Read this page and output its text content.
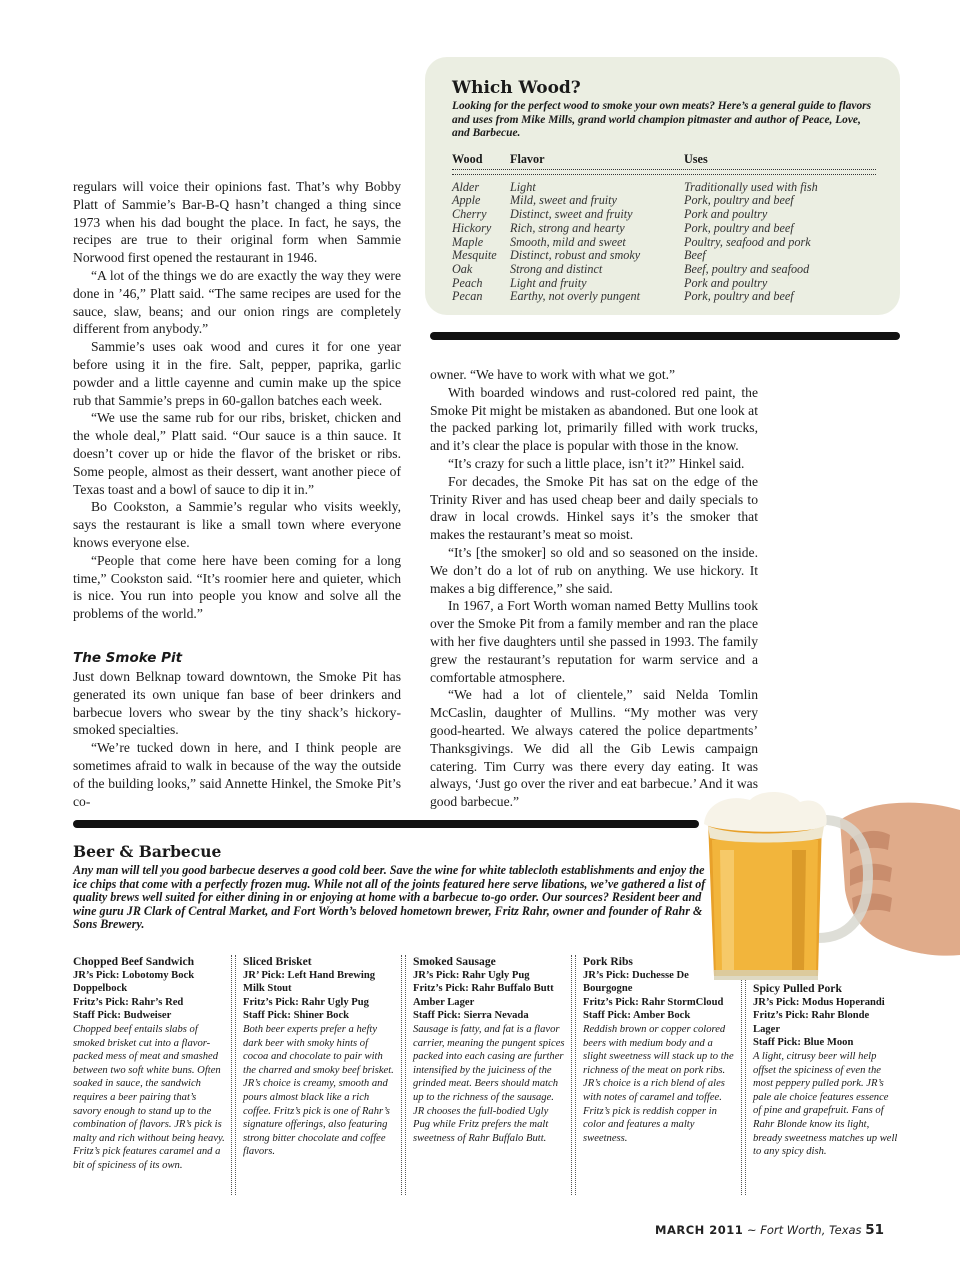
Which Wood?
Looking for the perfect wood to smoke your own meats? Here’s a general guide to flavors and uses from Mike Mills, grand world champion pitmaster and author of Peace, Love, and Barbecue.
Wood	Flavor	Uses
Alder	Light	Traditionally used with fish
Apple	Mild, sweet and fruity	Pork, poultry and beef
Cherry	Distinct, sweet and fruity	Pork and poultry
Hickory	Rich, strong and hearty	Pork, poultry and beef
Maple	Smooth, mild and sweet	Poultry, seafood and pork
Mesquite	Distinct, robust and smoky	Beef
Oak	Strong and distinct	Beef, poultry and seafood
Peach	Light and fruity	Pork and poultry
Pecan	Earthy, not overly pungent	Pork, poultry and beef

regulars will voice their opinions fast. That’s why Bobby Platt of Sammie’s Bar-B-Q hasn’t changed a thing since 1973 when his dad bought the place. In fact, he says, the recipes are true to their original form when Sammie Norwood first opened the restaurant in 1946.

“A lot of the things we do are exactly the way they were done in ’46,” Platt said. “The same recipes are used for the sauce, slaw, beans; and our onion rings are completely different from anybody.”

Sammie’s uses oak wood and cures it for one year before using it in the fire. Salt, pepper, paprika, garlic powder and a little cayenne and cumin make up the spice rub that Sammie’s preps in 60-gallon batches each week.

“We use the same rub for our ribs, brisket, chicken and the whole deal,” Platt said. “Our sauce is a thin sauce. It doesn’t cover up or hide the flavor of the brisket or ribs. Some people, almost as their dessert, want another piece of Texas toast and a bowl of sauce to dip it in.”

Bo Cookston, a Sammie’s regular who visits weekly, says the restaurant is like a small town where everyone knows everyone else.

“People that come here have been coming for a long time,” Cookston said. “It’s roomier here and quieter, which is nice. You run into people you know and solve all the problems of the world.”

The Smoke Pit

Just down Belknap toward downtown, the Smoke Pit has generated its own unique fan base of beer drinkers and barbecue lovers who swear by the tiny shack’s hickory-smoked specialties.

“We’re tucked down in here, and I think people are sometimes afraid to walk in because of the way the outside of the building looks,” said Annette Hinkel, the Smoke Pit’s co-

owner. “We have to work with what we got.”

With boarded windows and rust-colored red paint, the Smoke Pit might be mistaken as abandoned. But one look at the packed parking lot, primarily filled with work trucks, and it’s clear the place is popular with those in the know.

“It’s crazy for such a little place, isn’t it?” Hinkel said.

For decades, the Smoke Pit has sat on the edge of the Trinity River and has used cheap beer and daily specials to draw in local crowds. Hinkel says it’s the smoker that makes the restaurant’s meat so moist.

“It’s [the smoker] so old and so seasoned on the inside. We don’t do a lot of rub on anything. We use hickory. It makes a big difference,” she said.

In 1967, a Fort Worth woman named Betty Mullins took over the Smoke Pit from a family member and ran the place with her five daughters until she passed in 1993. The family grew the restaurant’s reputation for warm service and a comfortable atmosphere.

“We had a lot of clientele,” said Nelda Tomlin McCaslin, daughter of Mullins. “My mother was very good-hearted. We always catered the police departments’ Thanksgivings. We did all the Gib Lewis campaign catering. Tim Curry was there every day eating. It was always, ‘Just go over the river and eat barbecue.’ And it was good barbecue.”

Beer & Barbecue
Any man will tell you good barbecue deserves a good cold beer. Save the wine for white tablecloth establishments and enjoy the ice chips that come with a perfectly frozen mug. While not all of the joints featured here serve libations, we’ve gathered a list of quality brews well suited for either dining in or enjoying at home with a barbecue to-go order. Our sources? Resident beer and wine guru JR Clark of Central Market, and Fort Worth’s beloved hometown brewer, Fritz Rahr, owner and founder of Rahr & Sons Brewery.
Chopped Beef Sandwich
JR’s Pick: Lobotomy Bock Doppelbock
Fritz’s Pick: Rahr’s Red
Staff Pick: Budweiser
Chopped beef entails slabs of smoked brisket cut into a flavor-packed mess of meat and smashed between two soft white buns. Often soaked in sauce, the sandwich requires a beer pairing that’s savory enough to stand up to the combination of flavors. JR’s pick is malty and rich without being heavy. Fritz’s pick features caramel and a bit of spiciness of its own.
Sliced Brisket
JR’ Pick: Left Hand Brewing Milk Stout
Fritz’s Pick: Rahr Ugly Pug
Staff Pick: Shiner Bock
Both beer experts prefer a hefty dark beer with smoky hints of cocoa and chocolate to pair with the charred and smoky beef brisket. JR’s choice is creamy, smooth and pours almost black like a rich coffee. Fritz’s pick is one of Rahr’s signature offerings, also featuring strong bitter chocolate and coffee flavors.
Smoked Sausage
JR’s Pick: Rahr Ugly Pug
Fritz’s Pick: Rahr Buffalo Butt Amber Lager
Staff Pick: Sierra Nevada
Sausage is fatty, and fat is a flavor carrier, meaning the pungent spices packed into each casing are further intensified by the juiciness of the grinded meat. Beers should match up to the richness of the sausage. JR chooses the full-bodied Ugly Pug while Fritz prefers the malt sweetness of Rahr Buffalo Butt.
Pork Ribs
JR’s Pick: Duchesse De Bourgogne
Fritz’s Pick: Rahr StormCloud
Staff Pick: Amber Bock
Reddish brown or copper colored beers with medium body and a slight sweetness will stack up to the richness of the meat on pork ribs. JR’s choice is a rich blend of ales with notes of caramel and toffee. Fritz’s pick is reddish copper in color and features a malty sweetness.
Spicy Pulled Pork
JR’s Pick: Modus Hoperandi
Fritz’s Pick: Rahr Blonde Lager
Staff Pick: Blue Moon
A light, citrusy beer will help offset the spiciness of even the most peppery pulled pork. JR’s pale ale choice features essence of pine and grapefruit. Fans of Rahr Blonde know its light, bready sweetness matches up well to any spicy dish.
MARCH 2011 ~ Fort Worth, Texas 51
